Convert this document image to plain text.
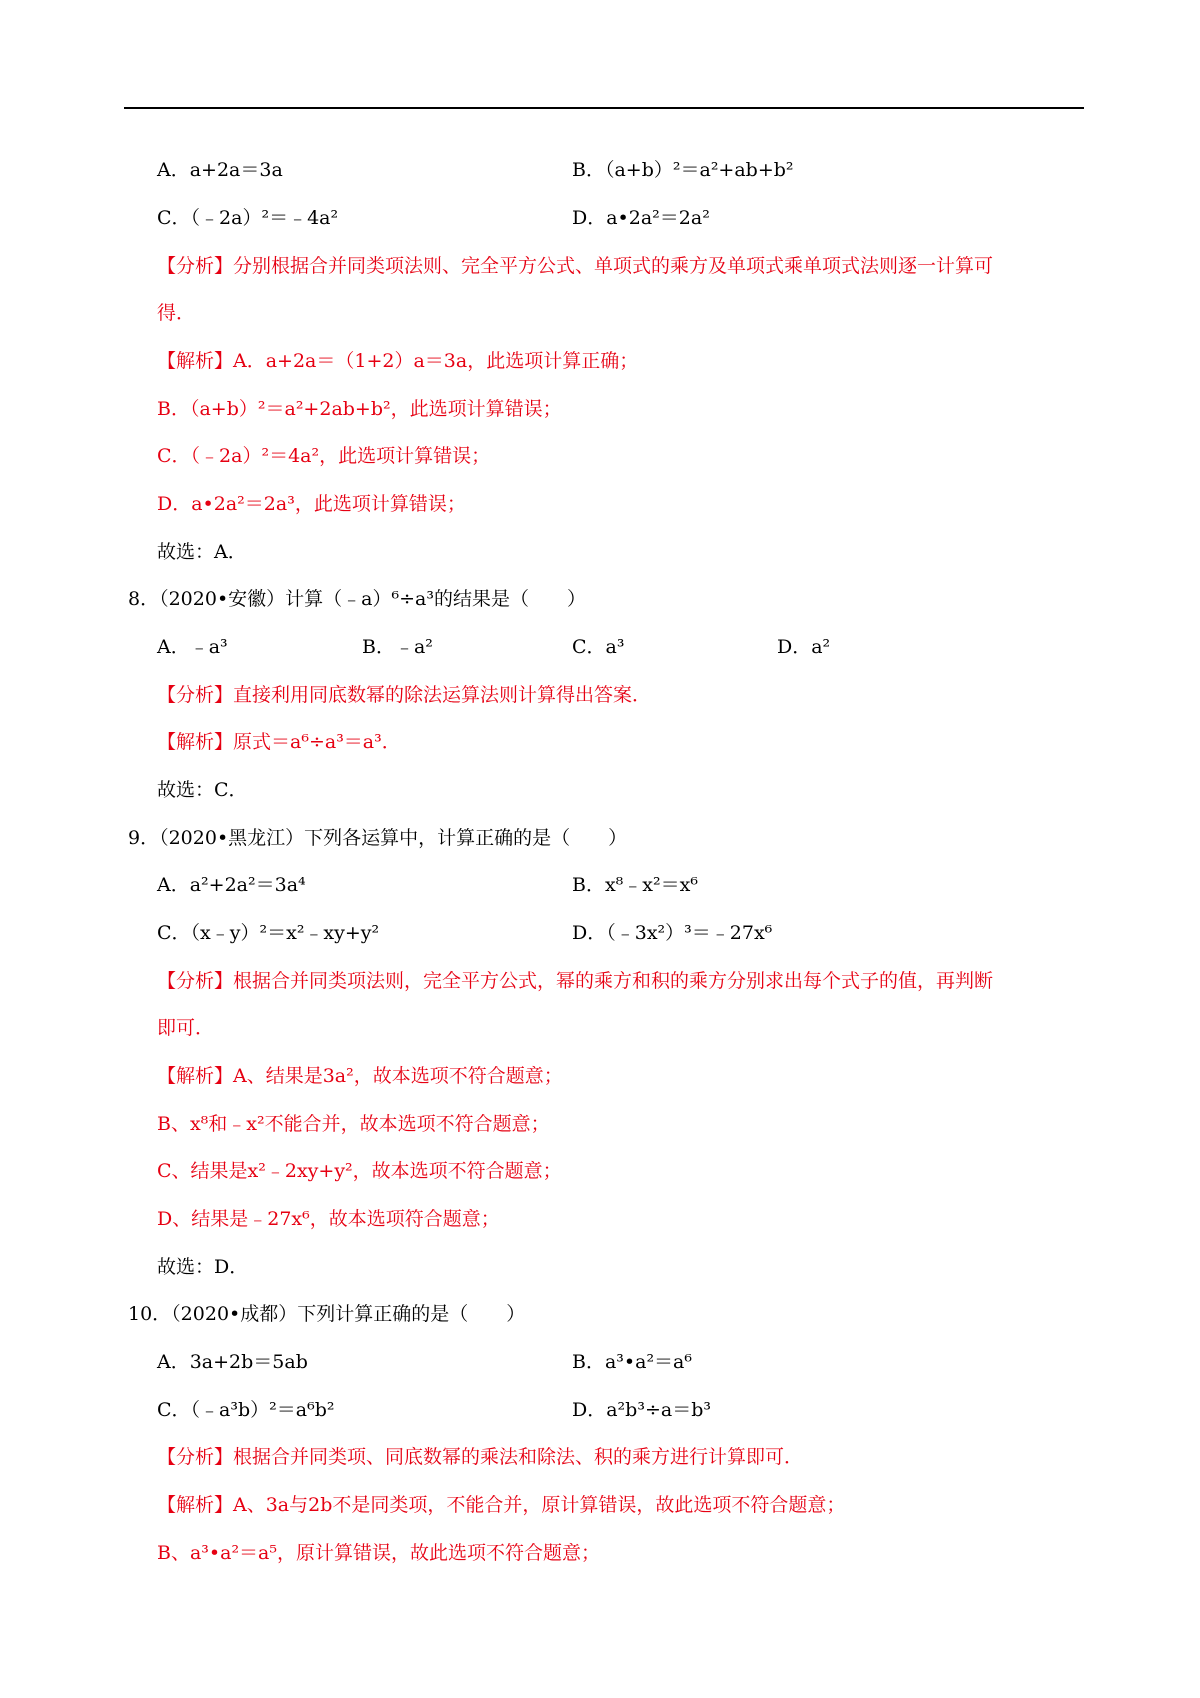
A．a+2a＝3a	B．（a+b）²＝a²+ab+b²
C．（﹣2a）²＝﹣4a²	D．a•2a²＝2a²
【分析】分别根据合并同类项法则、完全平方公式、单项式的乘方及单项式乘单项式法则逐一计算可
得．
【解析】A．a+2a＝（1+2）a＝3a，此选项计算正确；
B．（a+b）²＝a²+2ab+b²，此选项计算错误；
C．（﹣2a）²＝4a²，此选项计算错误；
D．a•2a²＝2a³，此选项计算错误；
故选：A．
8．（2020•安徽）计算（﹣a）⁶÷a³的结果是（　　）
A．﹣a³	B．﹣a²	C．a³	D．a²
【分析】直接利用同底数幂的除法运算法则计算得出答案．
【解析】原式＝a⁶÷a³＝a³．
故选：C．
9．（2020•黑龙江）下列各运算中，计算正确的是（　　）
A．a²+2a²＝3a⁴	B．x⁸﹣x²＝x⁶
C．（x﹣y）²＝x²﹣xy+y²	D．（﹣3x²）³＝﹣27x⁶
【分析】根据合并同类项法则，完全平方公式，幂的乘方和积的乘方分别求出每个式子的值，再判断
即可．
【解析】A、结果是3a²，故本选项不符合题意；
B、x⁸和﹣x²不能合并，故本选项不符合题意；
C、结果是x²﹣2xy+y²，故本选项不符合题意；
D、结果是﹣27x⁶，故本选项符合题意；
故选：D．
10．（2020•成都）下列计算正确的是（　　）
A．3a+2b＝5ab	B．a³•a²＝a⁶
C．（﹣a³b）²＝a⁶b²	D．a²b³÷a＝b³
【分析】根据合并同类项、同底数幂的乘法和除法、积的乘方进行计算即可．
【解析】A、3a与2b不是同类项，不能合并，原计算错误，故此选项不符合题意；
B、a³•a²＝a⁵，原计算错误，故此选项不符合题意；
